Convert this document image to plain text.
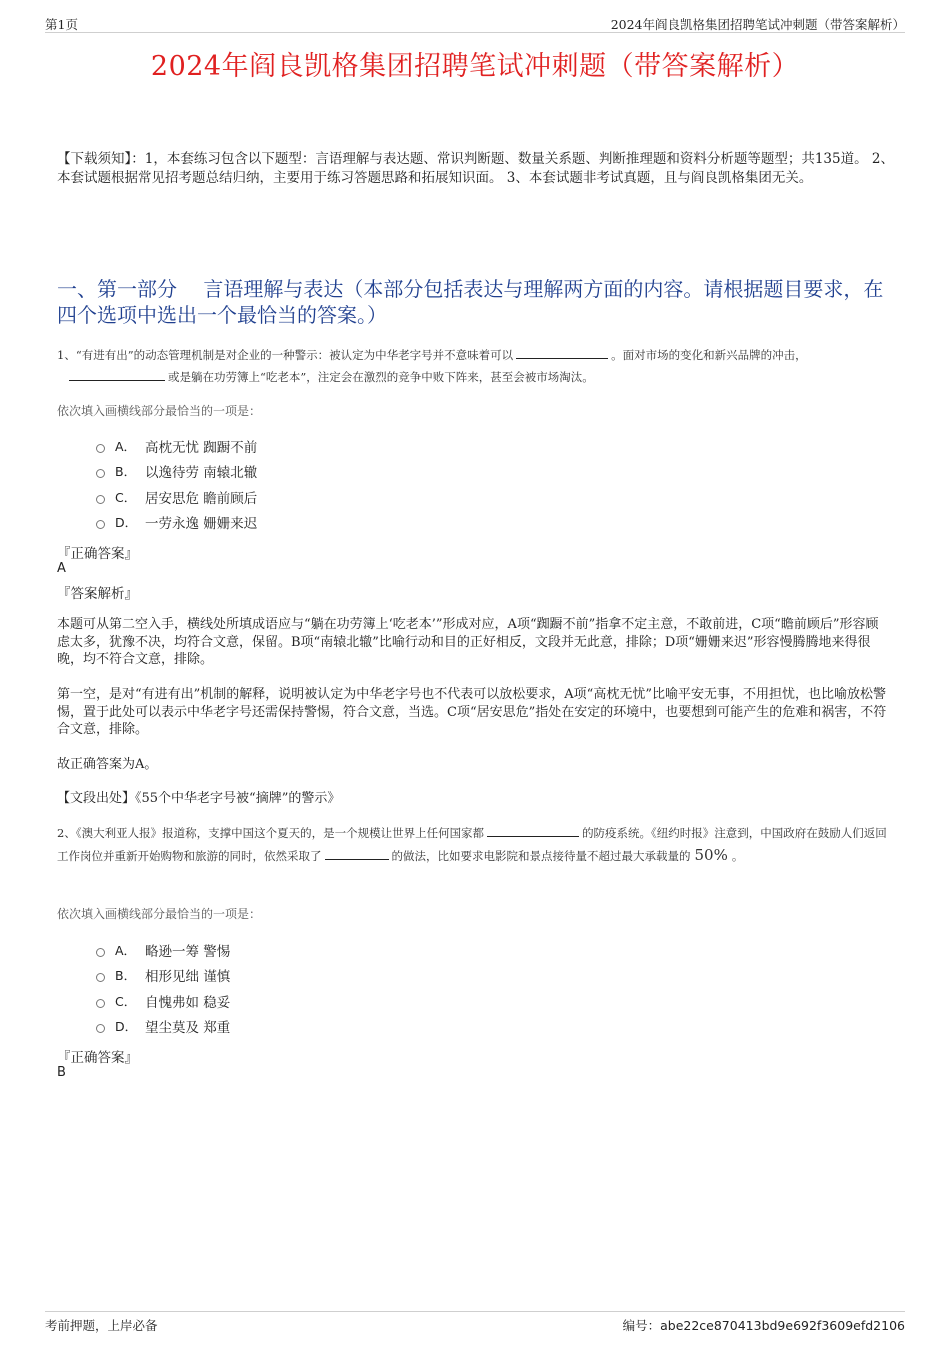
第1页	2024年阎良凯格集团招聘笔试冲刺题（带答案解析）
2024年阎良凯格集团招聘笔试冲刺题（带答案解析）
【下载须知】：1，本套练习包含以下题型：言语理解与表达题、常识判断题、数量关系题、判断推理题和资料分析题等题型；共135道。 2、本套试题根据常见招考题总结归纳，主要用于练习答题思路和拓展知识面。 3、本套试题非考试真题，且与阎良凯格集团无关。
一、第一部分　 言语理解与表达（本部分包括表达与理解两方面的内容。请根据题目要求，在四个选项中选出一个最恰当的答案。）
1、“有进有出”的动态管理机制是对企业的一种警示：被认定为中华老字号并不意味着可以	。面对市场的变化和新兴品牌的冲击，或是躺在功劳簿上“吃老本”，注定会在激烈的竞争中败下阵来，甚至会被市场淘汰。
依次填入画横线部分最恰当的一项是：
A． 高枕无忧 踟蹰不前
B． 以逸待劳 南辕北辙
C． 居安思危 瞻前顾后
D． 一劳永逸 姗姗来迟
『正确答案』
A
『答案解析』

本题可从第二空入手，横线处所填成语应与“躺在功劳簿上‘吃老本’”形成对应，A项“踟蹰不前”指拿不定主意，不敢前进，C项“瞻前顾后”形容顾虑太多，犹豫不决，均符合文意，保留。B项“南辕北辙”比喻行动和目的正好相反，文段并无此意，排除；D项“姗姗来迟”形容慢腾腾地来得很晚，均不符合文意，排除。

第一空，是对“有进有出”机制的解释，说明被认定为中华老字号也不代表可以放松要求，A项“高枕无忧”比喻平安无事，不用担忧，也比喻放松警惕，置于此处可以表示中华老字号还需保持警惕，符合文意，当选。C项“居安思危”指处在安定的环境中，也要想到可能产生的危难和祸害，不符合文意，排除。

故正确答案为A。

【文段出处】《55个中华老字号被“摘牌”的警示》

2、《澳大利亚人报》报道称，支撑中国这个夏天的，是一个规模让世界上任何国家都	的防疫系统。《纽约时报》注意到，中国政府在鼓励人们返回工作岗位并重新开始购物和旅游的同时，依然采取了	的做法，比如要求电影院和景点接待量不超过最大承载量的 50% 。
依次填入画横线部分最恰当的一项是：
A． 略逊一筹 警惕
B． 相形见绌 谨慎
C． 自愧弗如 稳妥
D． 望尘莫及 郑重
『正确答案』
B
考前押题，上岸必备	编号：abe22ce870413bd9e692f3609efd2106
